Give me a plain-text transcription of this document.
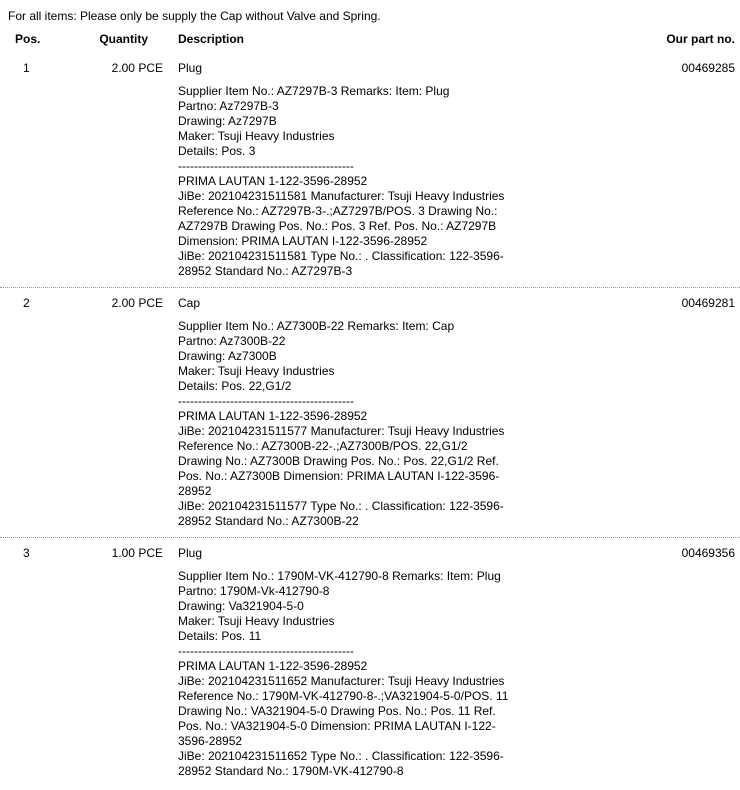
For all items: Please only be supply the Cap without Valve and Spring.
Pos.	Quantity	Description	Our part no.
1	2.00 PCE	Plug	00469285
Supplier Item No.: AZ7297B-3 Remarks: Item: Plug
Partno: Az7297B-3
Drawing: Az7297B
Maker: Tsuji Heavy Industries
Details: Pos. 3
--------------------------------------------
PRIMA LAUTAN 1-122-3596-28952
JiBe: 202104231511581 Manufacturer: Tsuji Heavy Industries
Reference No.: AZ7297B-3-.;AZ7297B/POS. 3 Drawing No.:
AZ7297B Drawing Pos. No.: Pos. 3 Ref. Pos. No.: AZ7297B
Dimension: PRIMA LAUTAN I-122-3596-28952
JiBe: 202104231511581 Type No.: . Classification: 122-3596-
28952 Standard No.: AZ7297B-3
2	2.00 PCE	Cap	00469281
Supplier Item No.: AZ7300B-22 Remarks: Item: Cap
Partno: Az7300B-22
Drawing: Az7300B
Maker: Tsuji Heavy Industries
Details: Pos. 22,G1/2
--------------------------------------------
PRIMA LAUTAN 1-122-3596-28952
JiBe: 202104231511577 Manufacturer: Tsuji Heavy Industries
Reference No.: AZ7300B-22-.;AZ7300B/POS. 22,G1/2
Drawing No.: AZ7300B Drawing Pos. No.: Pos. 22,G1/2 Ref.
Pos. No.: AZ7300B Dimension: PRIMA LAUTAN I-122-3596-
28952
JiBe: 202104231511577 Type No.: . Classification: 122-3596-
28952 Standard No.: AZ7300B-22
3	1.00 PCE	Plug	00469356
Supplier Item No.: 1790M-VK-412790-8 Remarks: Item: Plug
Partno: 1790M-Vk-412790-8
Drawing: Va321904-5-0
Maker: Tsuji Heavy Industries
Details: Pos. 11
--------------------------------------------
PRIMA LAUTAN 1-122-3596-28952
JiBe: 202104231511652 Manufacturer: Tsuji Heavy Industries
Reference No.: 1790M-VK-412790-8-.;VA321904-5-0/POS. 11
Drawing No.: VA321904-5-0 Drawing Pos. No.: Pos. 11 Ref.
Pos. No.: VA321904-5-0 Dimension: PRIMA LAUTAN I-122-
3596-28952
JiBe: 202104231511652 Type No.: . Classification: 122-3596-
28952 Standard No.: 1790M-VK-412790-8
